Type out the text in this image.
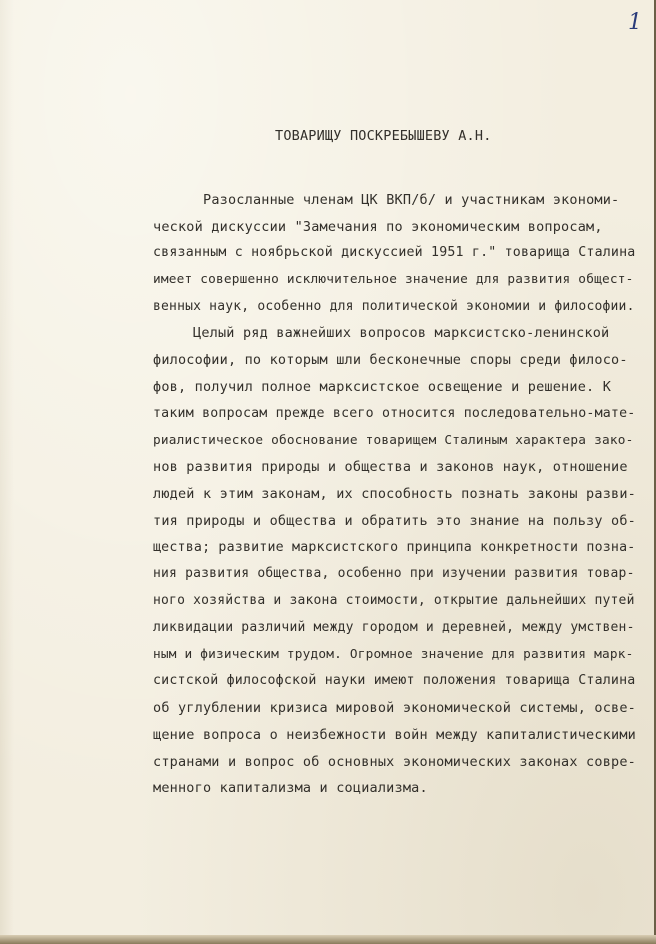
1
ТОВАРИЩУ ПОСКРЕБЫШЕВУ А.Н.
Разосланные членам ЦК ВКП/б/ и участникам экономи-
ческой дискуссии "Замечания по экономическим вопросам,
связанным с ноябрьской дискуссией 1951 г." товарища Сталина
имеет совершенно исключительное значение для развития общест-
венных наук, особенно для политической экономии и философии.
Целый ряд важнейших вопросов марксистско-ленинской
философии, по которым шли бесконечные споры среди филосо-
фов, получил полное марксистское освещение и решение. К
таким вопросам прежде всего относится последовательно-мате-
риалистическое обоснование товарищем Сталиным характера зако-
нов развития природы и общества и законов наук, отношение
людей к этим законам, их способность познать законы разви-
тия природы и общества и обратить это знание на пользу об-
щества; развитие марксистского принципа конкретности позна-
ния развития общества, особенно при изучении развития товар-
ного хозяйства и закона стоимости, открытие дальнейших путей
ликвидации различий между городом и деревней, между умствен-
ным и физическим трудом. Огромное значение для развития марк-
систской философской науки имеют положения товарища Сталина
об углублении кризиса мировой экономической системы, осве-
щение вопроса о неизбежности войн между капиталистическими
странами и вопрос об основных экономических законах совре-
менного капитализма и социализма.
